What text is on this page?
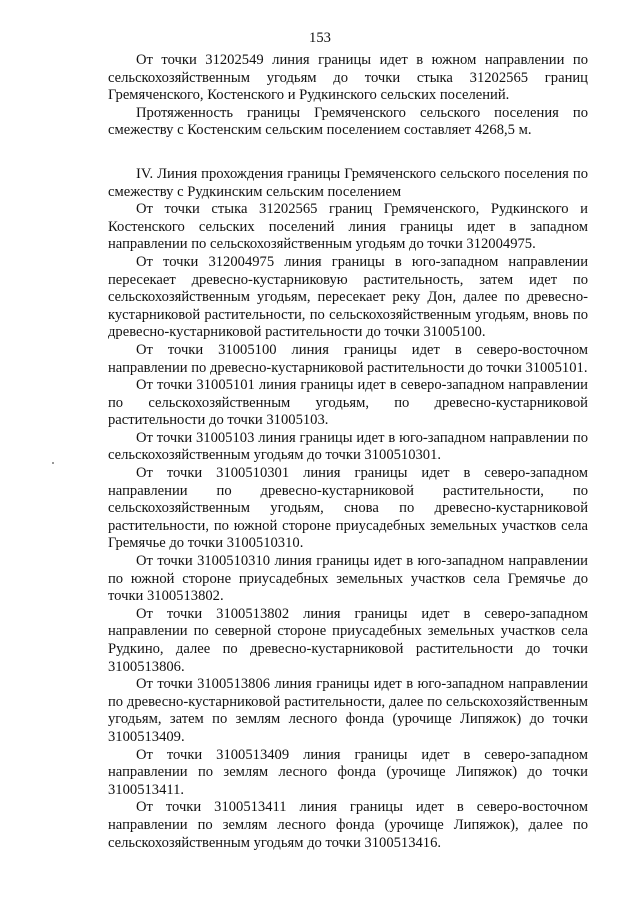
153

От точки 31202549 линия границы идет в южном направлении по сельскохозяйственным угодьям до точки стыка 31202565 границ Гремяченского, Костенского и Рудкинского сельских поселений.

Протяженность границы Гремяченского сельского поселения по смежеству с Костенским сельским поселением составляет 4268,5 м.

IV. Линия прохождения границы Гремяченского сельского поселения по смежеству с Рудкинским сельским поселением

От точки стыка 31202565 границ Гремяченского, Рудкинского и Костенского сельских поселений линия границы идет в западном направлении по сельскохозяйственным угодьям до точки 312004975.

От точки 312004975 линия границы в юго-западном направлении пересекает древесно-кустарниковую растительность, затем идет по сельскохозяйственным угодьям, пересекает реку Дон, далее по древесно-кустарниковой растительности, по сельскохозяйственным угодьям, вновь по древесно-кустарниковой растительности до точки 31005100.

От точки 31005100 линия границы идет в северо-восточном направлении по древесно-кустарниковой растительности до точки 31005101.

От точки 31005101 линия границы идет в северо-западном направлении по сельскохозяйственным угодьям, по древесно-кустарниковой растительности до точки 31005103.

От точки 31005103 линия границы идет в юго-западном направлении по сельскохозяйственным угодьям до точки 3100510301.

От точки 3100510301 линия границы идет в северо-западном направлении по древесно-кустарниковой растительности, по сельскохозяйственным угодьям, снова по древесно-кустарниковой растительности, по южной стороне приусадебных земельных участков села Гремячье до точки 3100510310.

От точки 3100510310 линия границы идет в юго-западном направлении по южной стороне приусадебных земельных участков села Гремячье до точки 3100513802.

От точки 3100513802 линия границы идет в северо-западном направлении по северной стороне приусадебных земельных участков села Рудкино, далее по древесно-кустарниковой растительности до точки 3100513806.

От точки 3100513806 линия границы идет в юго-западном направлении по древесно-кустарниковой растительности, далее по сельскохозяйственным угодьям, затем по землям лесного фонда (урочище Липяжок) до точки 3100513409.

От точки 3100513409 линия границы идет в северо-западном направлении по землям лесного фонда (урочище Липяжок) до точки 3100513411.

От точки 3100513411 линия границы идет в северо-восточном направлении по землям лесного фонда (урочище Липяжок), далее по сельскохозяйственным угодьям до точки 3100513416.
